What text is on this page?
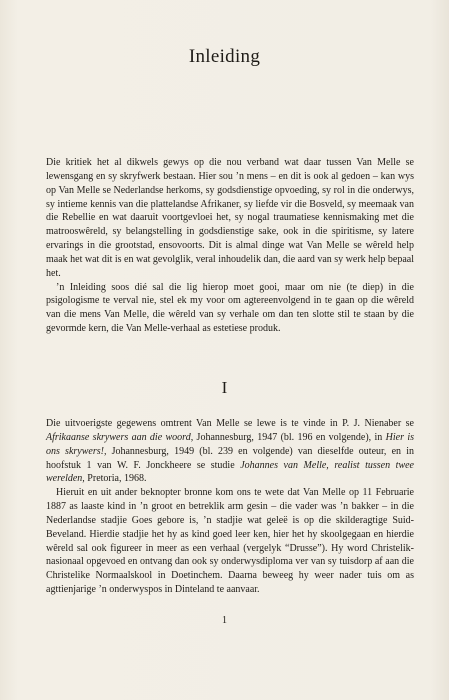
Inleiding

Die kritiek het al dikwels gewys op die nou verband wat daar tussen Van Melle se lewensgang en sy skryfwerk bestaan. Hier sou ’n mens – en dit is ook al gedoen – kan wys op Van Melle se Nederlandse herkoms, sy godsdienstige opvoeding, sy rol in die onderwys, sy intieme kennis van die plattelandse Afrikaner, sy liefde vir die Bosveld, sy meemaak van die Rebellie en wat daaruit voortgevloei het, sy nogal traumatiese kennismaking met die matrooswêreld, sy belangstelling in godsdienstige sake, ook in die spiritisme, sy latere ervarings in die grootstad, ensovoorts. Dit is almal dinge wat Van Melle se wêreld help maak het wat dit is en wat gevolglik, veral inhoudelik dan, die aard van sy werk help bepaal het.

’n Inleiding soos dié sal die lig hierop moet gooi, maar om nie (te diep) in die psigologisme te verval nie, stel ek my voor om agtereenvolgend in te gaan op die wêreld van die mens Van Melle, die wêreld van sy verhale om dan ten slotte stil te staan by die gevormde kern, die Van Melle-verhaal as estetiese produk.

I

Die uitvoerigste gegewens omtrent Van Melle se lewe is te vinde in P. J. Nienaber se Afrikaanse skrywers aan die woord, Johannesburg, 1947 (bl. 196 en volgende), in Hier is ons skrywers!, Johannesburg, 1949 (bl. 239 en volgende) van dieselfde outeur, en in hoofstuk 1 van W. F. Jonckheere se studie Johannes van Melle, realist tussen twee werelden, Pretoria, 1968.

Hieruit en uit ander beknopter bronne kom ons te wete dat Van Melle op 11 Februarie 1887 as laaste kind in ’n groot en betreklik arm gesin – die vader was ’n bakker – in die Nederlandse stadjie Goes gebore is, ’n stadjie wat geleë is op die skilderagtige Suid-Beveland. Hierdie stadjie het hy as kind goed leer ken, hier het hy skoolgegaan en hierdie wêreld sal ook figureer in meer as een verhaal (vergelyk “Drusse”). Hy word Christelik-nasionaal opgevoed en ontvang dan ook sy onderwysdiploma ver van sy tuisdorp af aan die Christelike Normaalskool in Doetinchem. Daarna beweeg hy weer nader tuis om as agttienjarige ’n onderwyspos in Dinteland te aanvaar.

1
